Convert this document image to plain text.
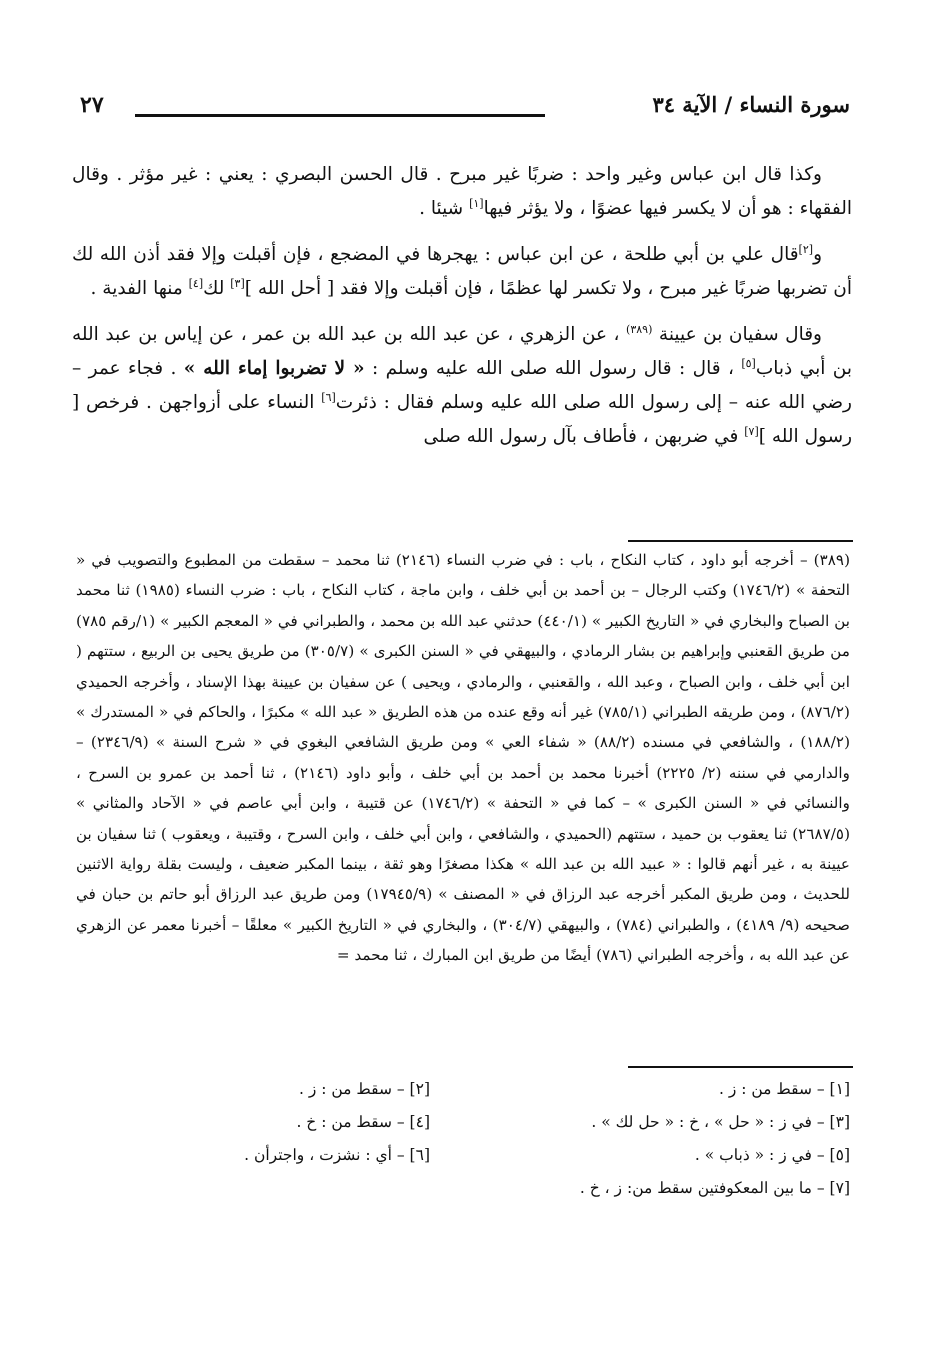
سورة النساء / الآية ٣٤
٢٧

وكذا قال ابن عباس وغير واحد : ضربًا غير مبرح . قال الحسن البصري : يعني : غير مؤثر . وقال الفقهاء : هو أن لا يكسر فيها عضوًا ، ولا يؤثر فيها[١] شيئا .

و[٢]قال علي بن أبي طلحة ، عن ابن عباس : يهجرها في المضجع ، فإن أقبلت وإلا فقد أذن الله لك أن تضربها ضربًا غير مبرح ، ولا تكسر لها عظمًا ، فإن أقبلت وإلا فقد [ أحل الله ][٣] لك[٤] منها الفدية .

وقال سفيان بن عيينة $^{(٣٨٩)}$ ، عن الزهري ، عن عبد الله بن عبد الله بن عمر ، عن إياس بن عبد الله بن أبي ذباب[٥] ، قال : قال رسول الله صلى الله عليه وسلم : « لا تضربوا إماء الله » . فجاء عمر – رضي الله عنه – إلى رسول الله صلى الله عليه وسلم فقال : ذئرت[٦] النساء على أزواجهن . فرخص [ رسول الله ][٧] في ضربهن ، فأطاف بآل رسول الله صلى

(٣٨٩) – أخرجه أبو داود ، كتاب النكاح ، باب : في ضرب النساء (٢١٤٦) ثنا محمد – سقطت من المطبوع والتصويب في « التحفة » (١٧٤٦/٢) وكتب الرجال – بن أحمد بن أبي خلف ، وابن ماجة ، كتاب النكاح ، باب : ضرب النساء (١٩٨٥) ثنا محمد بن الصباح والبخاري في « التاريخ الكبير » (٤٤٠/١) حدثني عبد الله بن محمد ، والطبراني في « المعجم الكبير » (١/رقم ٧٨٥) من طريق القعنبي وإبراهيم بن بشار الرمادي ، والبيهقي في « السنن الكبرى » (٣٠٥/٧) من طريق يحيى بن الربيع ، ستتهم ( ابن أبي خلف ، وابن الصباح ، وعبد الله ، والقعنبي ، والرمادي ، ويحيى ) عن سفيان بن عيينة بهذا الإسناد ، وأخرجه الحميدي (٨٧٦/٢) ، ومن طريقه الطبراني (٧٨٥/١) غير أنه وقع عنده من هذه الطريق « عبد الله » مكبرًا ، والحاكم في « المستدرك » (١٨٨/٢) ، والشافعي في مسنده (٨٨/٢) « شفاء العي » ومن طريق الشافعي البغوي في « شرح السنة » (٢٣٤٦/٩) – والدارمي في سننه (٢/ ٢٢٢٥) أخبرنا محمد بن أحمد بن أبي خلف ، وأبو داود (٢١٤٦) ، ثنا أحمد بن عمرو بن السرح ، والنسائي في « السنن الكبرى » – كما في « التحفة » (١٧٤٦/٢) عن قتيبة ، وابن أبي عاصم في « الآحاد والمثاني » (٢٦٨٧/٥) ثنا يعقوب بن حميد ، ستتهم (الحميدي ، والشافعي ، وابن أبي خلف ، وابن السرح ، وقتيبة ، ويعقوب ) ثنا سفيان بن عيينة به ، غير أنهم قالوا : « عبيد الله بن عبد الله » هكذا مصغرًا وهو ثقة ، بينما المكبر ضعيف ، وليست بقلة رواية الاثنين للحديث ، ومن طريق المكبر أخرجه عبد الرزاق في « المصنف » (١٧٩٤٥/٩) ومن طريق عبد الرزاق أبو حاتم بن حبان في صحيحه (٩/ ٤١٨٩) ، والطبراني (٧٨٤) ، والبيهقي (٣٠٤/٧) ، والبخاري في « التاريخ الكبير » معلقًا – أخبرنا معمر عن الزهري عن عبد الله به ، وأخرجه الطبراني (٧٨٦) أيضًا من طريق ابن المبارك ، ثنا محمد =

[١] – سقط من : ز .
[٢] – سقط من : ز .
[٣] – في ز : « حل » ، خ : « حل لك » .
[٤] – سقط من : خ .
[٥] – في ز : « ذباب » .
[٦] – أي : نشزت ، واجترأن .
[٧] – ما بين المعكوفتين سقط من: ز ، خ .
